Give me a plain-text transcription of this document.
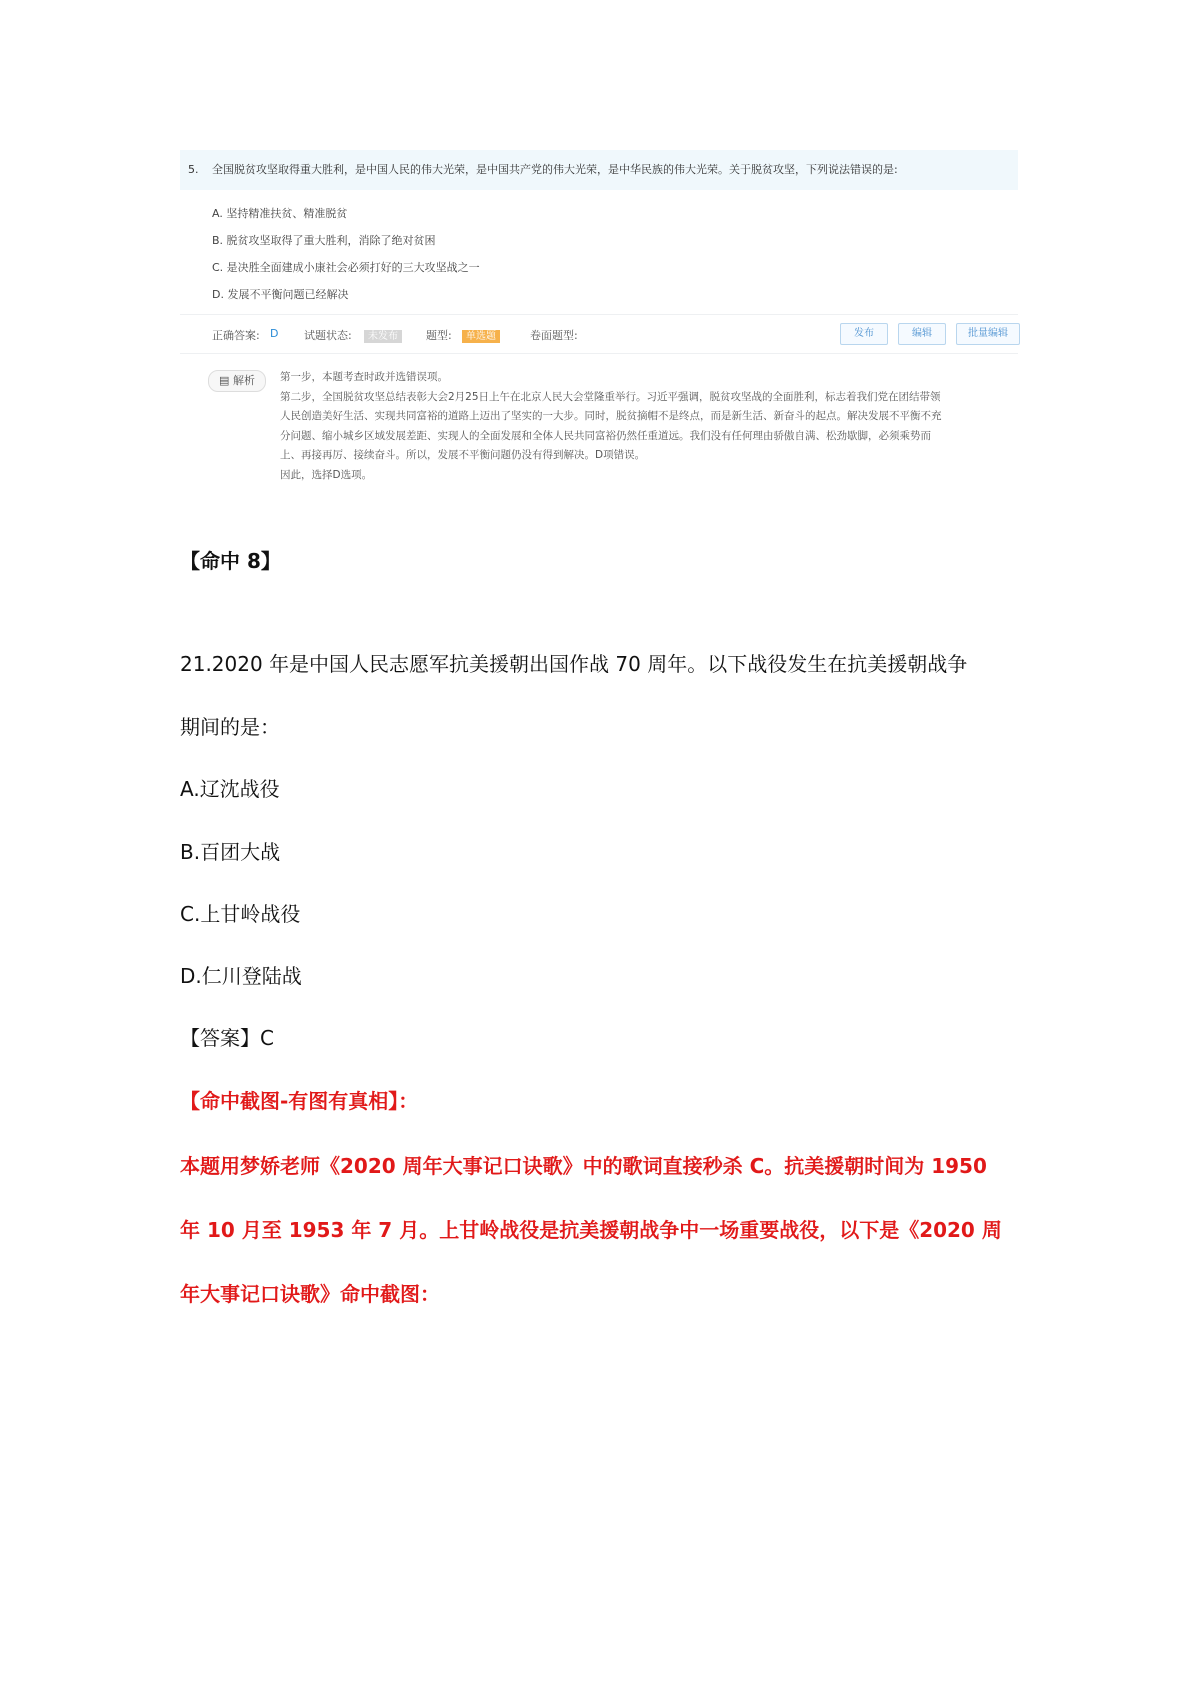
5. 全国脱贫攻坚取得重大胜利，是中国人民的伟大光荣，是中国共产党的伟大光荣，是中华民族的伟大光荣。关于脱贫攻坚，下列说法错误的是:
A. 坚持精准扶贫、精准脱贫
B. 脱贫攻坚取得了重大胜利，消除了绝对贫困
C. 是决胜全面建成小康社会必须打好的三大攻坚战之一
D. 发展不平衡问题已经解决
正确答案: D 试题状态:	未发布	题型:	单选题	卷面题型:	发布	编辑	批量编辑
▤ 解析	第一步，本题考查时政并选错误项。
第二步，全国脱贫攻坚总结表彰大会2月25日上午在北京人民大会堂隆重举行。习近平强调，脱贫攻坚战的全面胜利，标志着我们党在团结带领
人民创造美好生活、实现共同富裕的道路上迈出了坚实的一大步。同时，脱贫摘帽不是终点，而是新生活、新奋斗的起点。解决发展不平衡不充
分问题、缩小城乡区域发展差距、实现人的全面发展和全体人民共同富裕仍然任重道远。我们没有任何理由骄傲自满、松劲歇脚，必须乘势而
上、再接再厉、接续奋斗。所以，发展不平衡问题仍没有得到解决。D项错误。
因此，选择D选项。
【命中 8】
21.2020 年是中国人民志愿军抗美援朝出国作战 70 周年。以下战役发生在抗美援朝战争
期间的是：
A.辽沈战役
B.百团大战
C.上甘岭战役
D.仁川登陆战
【答案】C
【命中截图-有图有真相】：
本题用梦娇老师《2020 周年大事记口诀歌》中的歌词直接秒杀 C。抗美援朝时间为 1950
年 10 月至 1953 年 7 月。上甘岭战役是抗美援朝战争中一场重要战役，以下是《2020 周
年大事记口诀歌》命中截图：
